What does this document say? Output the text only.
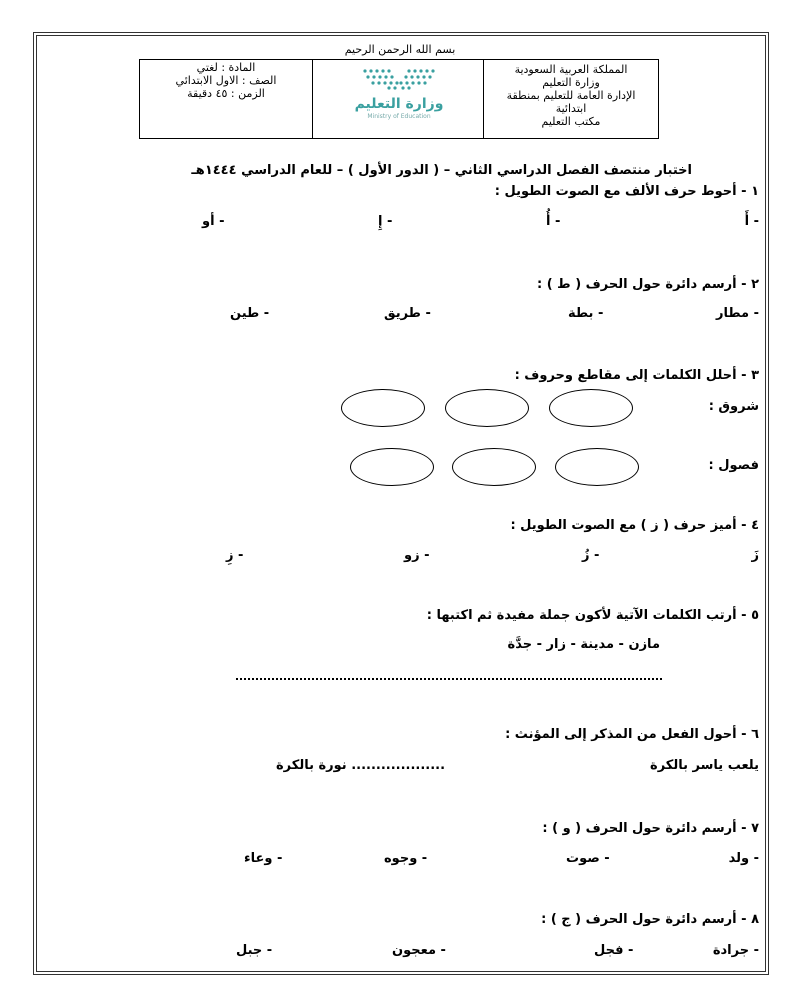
بسم الله الرحمن الرحيم
المملكة العربية السعودية
وزارة التعليم
الإدارة العامة للتعليم بمنطقة
ابتدائية
مكتب التعليم
وزارة التعليم
Ministry of Education
المادة : لغتي
الصف : الاول الابتدائي
الزمن : ٤٥ دقيقة
اختبار منتصف الفصل الدراسي الثاني – ( الدور الأول ) – للعام الدراسي ١٤٤٤هـ
١ - أحوط حرف الألف مع الصوت الطويل :
- أَ
- أُ
- إِ
- أو
٢ - أرسم دائرة حول الحرف ( ط ) :
- مطار
- بطة
- طريق
- طين
٣ - أحلل الكلمات إلى مقاطع وحروف :
شروق :
فصول :
٤ - أميز حرف ( ز ) مع الصوت الطويل :
زَ
- زُ
- زو
- زِ
٥ - أرتب الكلمات الآتية لأكون جملة مفيدة ثم اكتبها :
مازن - مدينة - زار - جدَّة
٦ - أحول الفعل من المذكر إلى المؤنث :
يلعب ياسر بالكرة
................... نورة بالكرة
٧ - أرسم دائرة حول الحرف ( و ) :
- ولد
- صوت
- وجوه
- وعاء
٨ - أرسم دائرة حول الحرف ( ج ) :
- جرادة
- فجل
- معجون
- جبل
